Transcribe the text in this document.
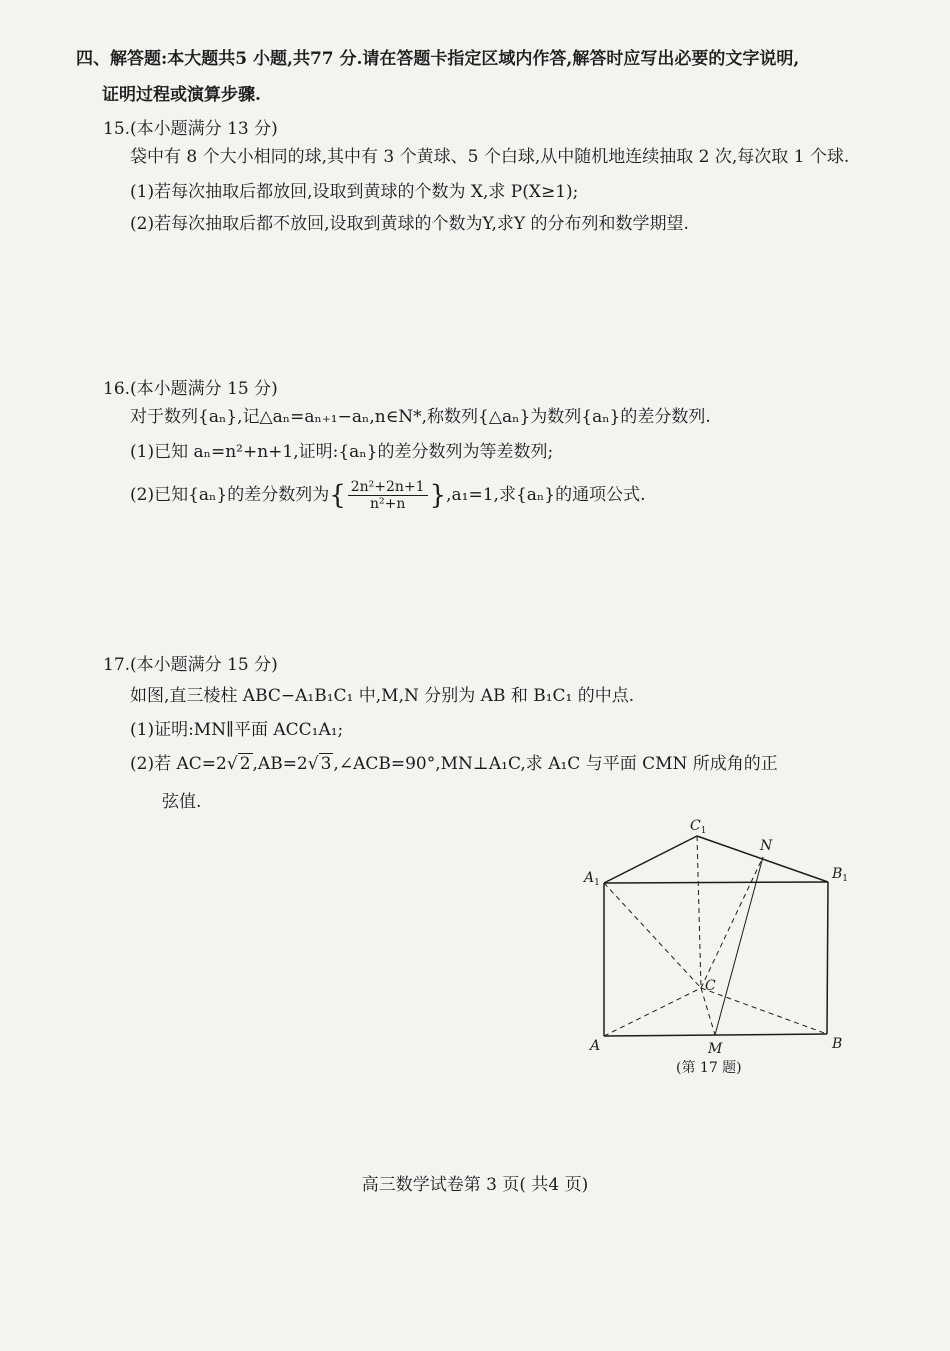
四、解答题:本大题共5 小题,共77 分.请在答题卡指定区域内作答,解答时应写出必要的文字说明,
证明过程或演算步骤.
15.(本小题满分 13 分)
袋中有 8 个大小相同的球,其中有 3 个黄球、5 个白球,从中随机地连续抽取 2 次,每次取 1 个球.
(1)若每次抽取后都放回,设取到黄球的个数为 X,求 P(X≥1);
(2)若每次抽取后都不放回,设取到黄球的个数为Y,求Y 的分布列和数学期望.
16.(本小题满分 15 分)
对于数列{aₙ},记△aₙ=aₙ₊₁−aₙ,n∈N*,称数列{△aₙ}为数列{aₙ}的差分数列.
(1)已知 aₙ=n²+n+1,证明:{aₙ}的差分数列为等差数列;
(2)已知{aₙ}的差分数列为{ $\frac{\text{2n²+2n+1}}{\text{n²+n}} \},a_1=1$,求{aₙ}的通项公式.
17.(本小题满分 15 分)
如图,直三棱柱 ABC−A₁B₁C₁ 中,M,N 分别为 AB 和 B₁C₁ 的中点.
(1)证明:MN∥平面 ACC₁A₁;
(2)若 AC=2√ 2 ,AB=2√ 3 ,∠ACB=90°,MN⊥A₁C,求 A₁C 与平面 CMN 所成角的正
弦值.
$C_1$
N
$A_1$
$B_1$
C
A	M	B
(第 17 题)
高三数学试卷第 3 页( 共4 页)
